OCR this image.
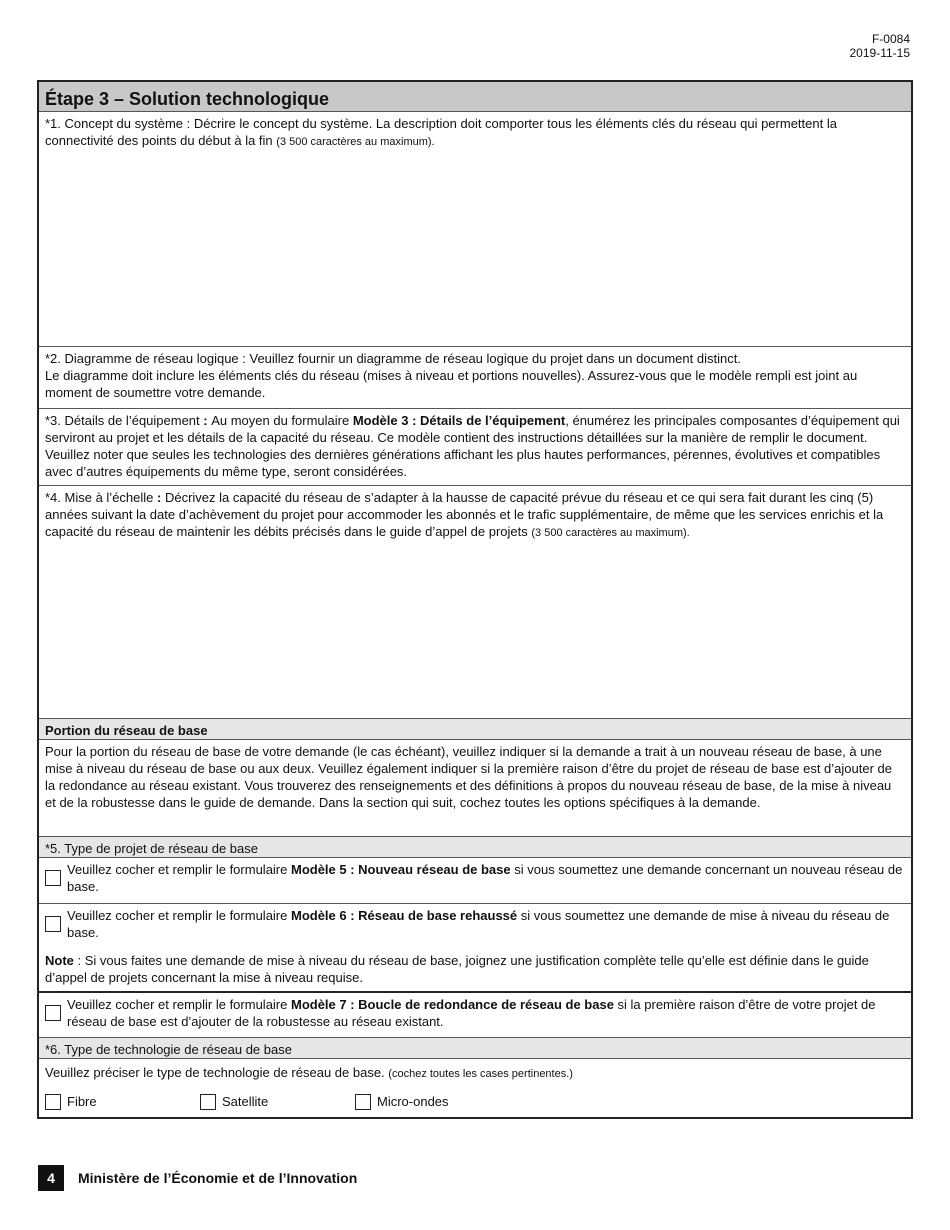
F-0084
2019-11-15
Étape 3 – Solution technologique
*1. Concept du système : Décrire le concept du système. La description doit comporter tous les éléments clés du réseau qui permettent la connectivité des points du début à la fin (3 500 caractères au maximum).
*2. Diagramme de réseau logique : Veuillez fournir un diagramme de réseau logique du projet dans un document distinct.
Le diagramme doit inclure les éléments clés du réseau (mises à niveau et portions nouvelles). Assurez-vous que le modèle rempli est joint au moment de soumettre votre demande.
*3. Détails de l’équipement : Au moyen du formulaire Modèle 3 : Détails de l’équipement, énumérez les principales composantes d’équipement qui serviront au projet et les détails de la capacité du réseau. Ce modèle contient des instructions détaillées sur la manière de remplir le document. Veuillez noter que seules les technologies des dernières générations affichant les plus hautes performances, pérennes, évolutives et compatibles avec d’autres équipements du même type, seront considérées.
*4. Mise à l’échelle : Décrivez la capacité du réseau de s’adapter à la hausse de capacité prévue du réseau et ce qui sera fait durant les cinq (5) années suivant la date d’achèvement du projet pour accommoder les abonnés et le trafic supplémentaire, de même que les services enrichis et la capacité du réseau de maintenir les débits précisés dans le guide d’appel de projets (3 500 caractères au maximum).
Portion du réseau de base
Pour la portion du réseau de base de votre demande (le cas échéant), veuillez indiquer si la demande a trait à un nouveau réseau de base, à une mise à niveau du réseau de base ou aux deux. Veuillez également indiquer si la première raison d’être du projet de réseau de base est d’ajouter de la redondance au réseau existant. Vous trouverez des renseignements et des définitions à propos du nouveau réseau de base, de la mise à niveau et de la robustesse dans le guide de demande. Dans la section qui suit, cochez toutes les options spécifiques à la demande.
*5. Type de projet de réseau de base
Veuillez cocher et remplir le formulaire Modèle 5 : Nouveau réseau de base si vous soumettez une demande concernant un nouveau réseau de base.
Veuillez cocher et remplir le formulaire Modèle 6 : Réseau de base rehaussé si vous soumettez une demande de mise à niveau du réseau de base.
Note : Si vous faites une demande de mise à niveau du réseau de base, joignez une justification complète telle qu’elle est définie dans le guide d’appel de projets concernant la mise à niveau requise.
Veuillez cocher et remplir le formulaire Modèle 7 : Boucle de redondance de réseau de base si la première raison d’être de votre projet de réseau de base est d’ajouter de la robustesse au réseau existant.
*6. Type de technologie de réseau de base
Veuillez préciser le type de technologie de réseau de base. (cochez toutes les cases pertinentes.)
Fibre	Satellite	Micro-ondes
4	Ministère de l’Économie et de l’Innovation
